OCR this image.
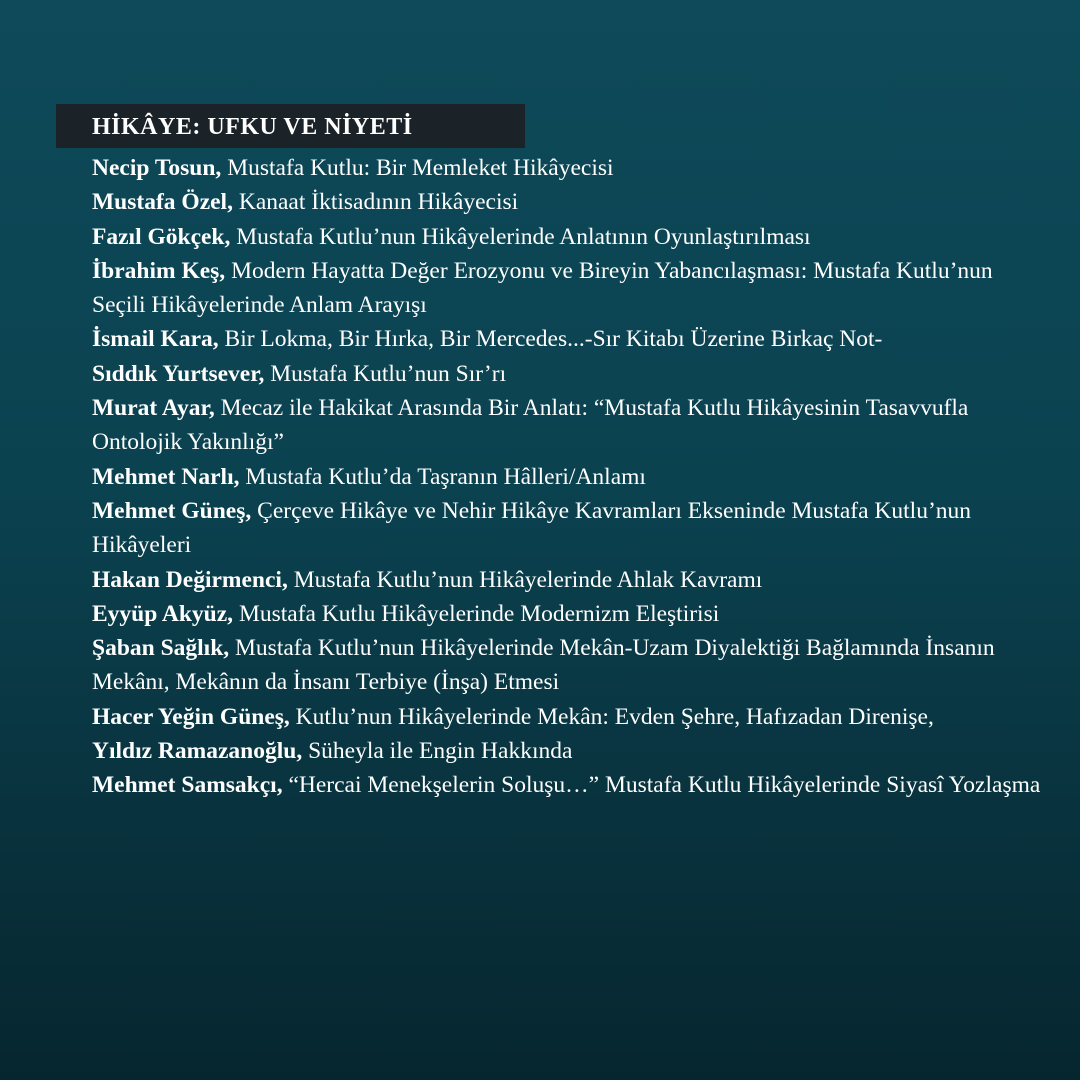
HİKÂYE: UFKU VE NİYETİ
Necip Tosun, Mustafa Kutlu: Bir Memleket Hikâyecisi
Mustafa Özel, Kanaat İktisadının Hikâyecisi
Fazıl Gökçek, Mustafa Kutlu’nun Hikâyelerinde Anlatının Oyunlaştırılması
İbrahim Keş, Modern Hayatta Değer Erozyonu ve Bireyin Yabancılaşması: Mustafa Kutlu’nun Seçili Hikâyelerinde Anlam Arayışı
İsmail Kara, Bir Lokma, Bir Hırka, Bir Mercedes...-Sır Kitabı Üzerine Birkaç Not-
Sıddık Yurtsever, Mustafa Kutlu’nun Sır’rı
Murat Ayar, Mecaz ile Hakikat Arasında Bir Anlatı: “Mustafa Kutlu Hikâyesinin Tasavvufla Ontolojik Yakınlığı”
Mehmet Narlı, Mustafa Kutlu’da Taşranın Hâlleri/Anlamı
Mehmet Güneş, Çerçeve Hikâye ve Nehir Hikâye Kavramları Ekseninde Mustafa Kutlu’nun Hikâyeleri
Hakan Değirmenci, Mustafa Kutlu’nun Hikâyelerinde Ahlak Kavramı
Eyyüp Akyüz, Mustafa Kutlu Hikâyelerinde Modernizm Eleştirisi
Şaban Sağlık, Mustafa Kutlu’nun Hikâyelerinde Mekân-Uzam Diyalektiği Bağlamında İnsanın Mekânı, Mekânın da İnsanı Terbiye (İnşa) Etmesi
Hacer Yeğin Güneş, Kutlu’nun Hikâyelerinde Mekân: Evden Şehre, Hafızadan Direnişe,
Yıldız Ramazanoğlu, Süheyla ile Engin Hakkında
Mehmet Samsakçı, “Hercai Menekşelerin Soluşu…” Mustafa Kutlu Hikâyelerinde Siyasî Yozlaşma
